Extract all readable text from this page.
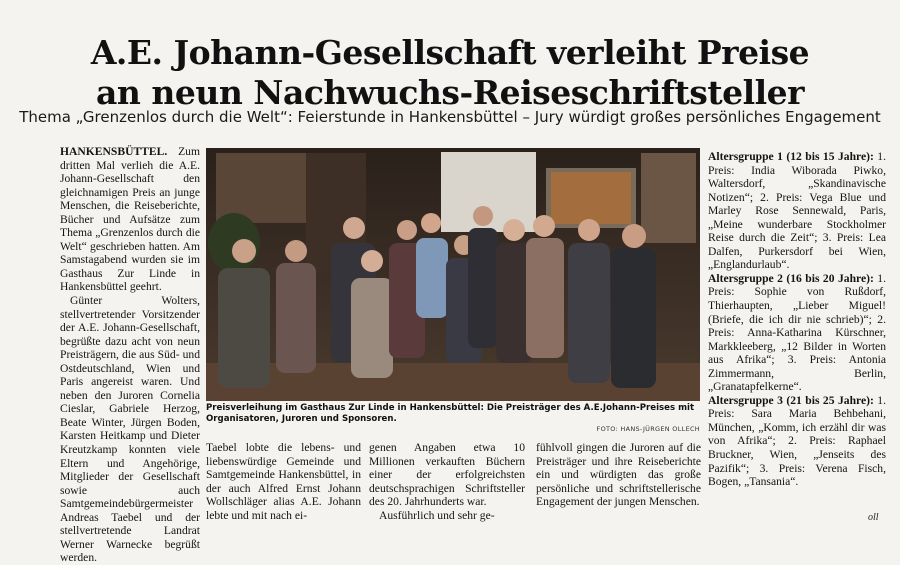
A.E. Johann-Gesellschaft verleiht Preise
an neun Nachwuchs-Reiseschriftsteller
Thema „Grenzenlos durch die Welt“: Feierstunde in Hankensbüttel – Jury würdigt großes persönliches Engagement

HANKENSBÜTTEL. Zum dritten Mal verlieh die A.E. Johann-Gesellschaft den gleichnamigen Preis an junge Menschen, die Reiseberichte, Bücher und Aufsätze zum Thema „Grenzenlos durch die Welt“ geschrieben hatten. Am Samstagabend wurden sie im Gasthaus Zur Linde in Hankensbüttel geehrt.

Günter Wolters, stellvertretender Vorsitzender der A.E. Johann-Gesellschaft, begrüßte dazu acht von neun Preisträgern, die aus Süd- und Ostdeutschland, Wien und Paris angereist waren. Und neben den Juroren Cornelia Cieslar, Gabriele Herzog, Beate Winter, Jürgen Boden, Karsten Heitkamp und Dieter Kreutzkamp konnten viele Eltern und Angehörige, Mitglieder der Gesellschaft sowie auch Samtgemeindebürgermeister Andreas Taebel und der stellvertretende Landrat Werner Warnecke begrüßt werden.

Preisverleihung im Gasthaus Zur Linde in Hankensbüttel: Die Preisträger des A.E.Johann-Preises mit Organisatoren, Juroren und Sponsoren.
FOTO: HANS-JÜRGEN OLLECH
Taebel lobte die lebens- und liebenswürdige Gemeinde und Samtgemeinde Hankensbüttel, in der auch Alfred Ernst Johann Wollschläger alias A.E. Johann lebte und mit nach ei-
genen Angaben etwa 10 Millionen verkauften Büchern einer der erfolgreichsten deutschsprachigen Schriftsteller des 20. Jahrhunderts war.
Ausführlich und sehr ge-
fühlvoll gingen die Juroren auf die Preisträger und ihre Reiseberichte ein und würdigten das große persönliche und schriftstellerische Engagement der jungen Menschen.

Altersgruppe 1 (12 bis 15 Jahre): 1. Preis: India Wiborada Piwko, Waltersdorf, „Skandinavische Notizen“; 2. Preis: Vega Blue und Marley Rose Sennewald, Paris, „Meine wunderbare Stockholmer Reise durch die Zeit“; 3. Preis: Lea Dalfen, Purkersdorf bei Wien, „Englandurlaub“.

Altersgruppe 2 (16 bis 20 Jahre): 1. Preis: Sophie von Rußdorf, Thierhaupten, „Lieber Miguel! (Briefe, die ich dir nie schrieb)“; 2. Preis: Anna-Katharina Kürschner, Markkleeberg, „12 Bilder in Worten aus Afrika“; 3. Preis: Antonia Zimmermann, Berlin, „Granatapfelkerne“.

Altersgruppe 3 (21 bis 25 Jahre): 1. Preis: Sara Maria Behbehani, München, „Komm, ich erzähl dir was von Afrika“; 2. Preis: Raphael Bruckner, Wien, „Jenseits des Pazifik“; 3. Preis: Verena Fisch, Bogen, „Tansania“.

oll
